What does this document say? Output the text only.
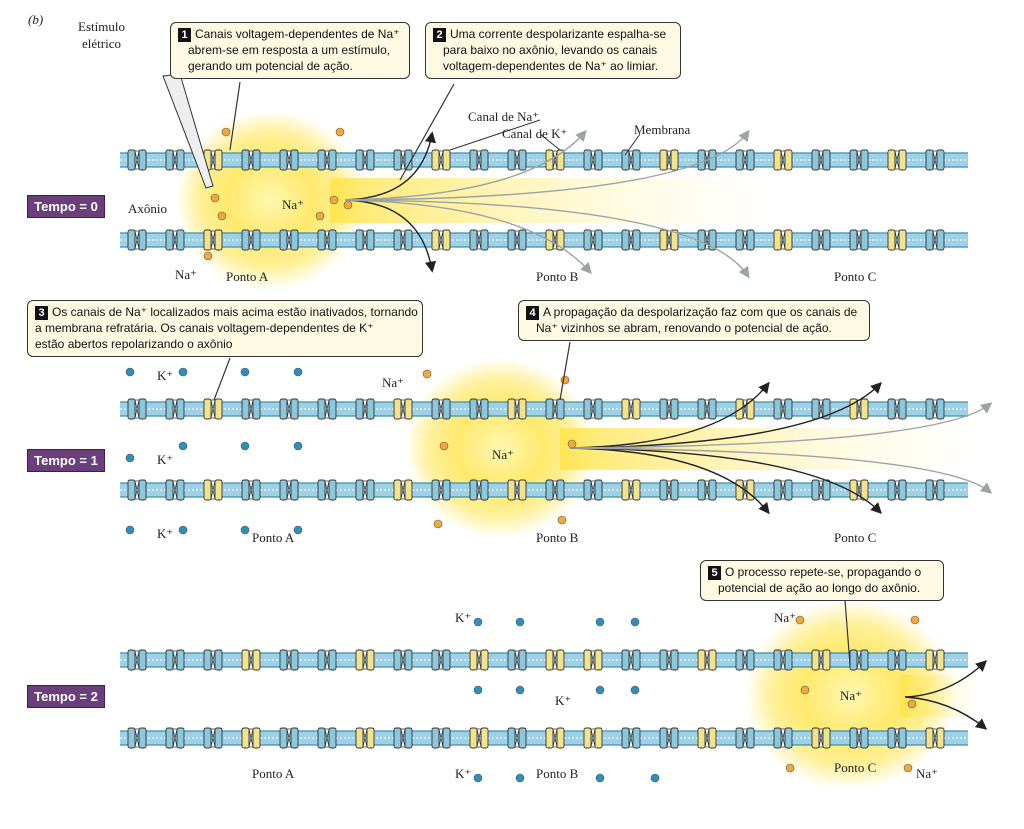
(b)	Estímulo
elétrico
1 Canais voltagem-dependentes de Na⁺
abrem-se em resposta a um estímulo,
gerando um potencial de ação.
2 Uma corrente despolarizante espalha-se
para baixo no axônio, levando os canais
voltagem-dependentes de Na⁺ ao limiar.
3 Os canais de Na⁺ localizados mais acima estão inativados, tornando
a membrana refratária. Os canais voltagem-dependentes de K⁺
estão abertos repolarizando o axônio
4 A propagação da despolarização faz com que os canais de
Na⁺ vizinhos se abram, renovando o potencial de ação.
5 O processo repete-se, propagando o
potencial de ação ao longo do axônio.
Tempo = 0
Tempo = 1
Tempo = 2
Canal de Na⁺
Canal de K⁺	Membrana
Axônio	Na⁺
Na⁺ Ponto A	Ponto B	Ponto C
K⁺
K⁺
K⁺
Na⁺
Na⁺
Ponto A	Ponto B	Ponto C
K⁺
K⁺
K⁺
Na⁺
Na⁺
Na⁺
Ponto A	Ponto B	Ponto C
